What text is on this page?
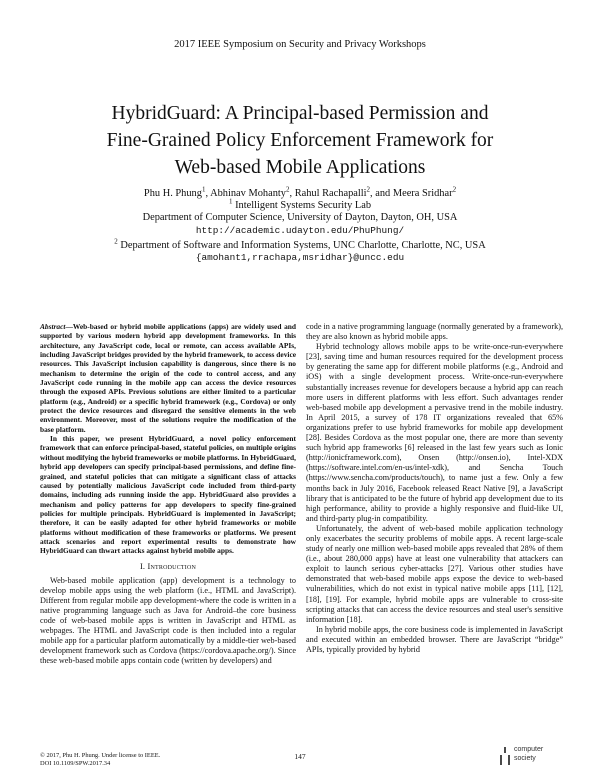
2017 IEEE Symposium on Security and Privacy Workshops
HybridGuard: A Principal-based Permission and
Fine-Grained Policy Enforcement Framework for
Web-based Mobile Applications
Phu H. Phung$^1$, Abhinav Mohanty$^2$, Rahul Rachapalli$^2$, and Meera Sridhar$^2$
$^1$ Intelligent Systems Security Lab
Department of Computer Science, University of Dayton, Dayton, OH, USA
http://academic.udayton.edu/PhuPhung/
$^2$ Department of Software and Information Systems, UNC Charlotte, Charlotte, NC, USA
{amohant1,rrachapa,msridhar}@uncc.edu

Abstract—Web-based or hybrid mobile applications (apps) are widely used and supported by various modern hybrid app development frameworks. In this architecture, any JavaScript code, local or remote, can access available APIs, including JavaScript bridges provided by the hybrid framework, to access device resources. This JavaScript inclusion capability is dangerous, since there is no mechanism to determine the origin of the code to control access, and any JavaScript code running in the mobile app can access the device resources through the exposed APIs. Previous solutions are either limited to a particular platform (e.g., Android) or a specific hybrid framework (e.g., Cordova) or only protect the device resources and disregard the sensitive elements in the web environment. Moreover, most of the solutions require the modification of the base platform.

In this paper, we present HybridGuard, a novel policy enforcement framework that can enforce principal-based, stateful policies, on multiple origins without modifying the hybrid frameworks or mobile platforms. In HybridGuard, hybrid app developers can specify principal-based permissions, and define fine-grained, and stateful policies that can mitigate a significant class of attacks caused by potentially malicious JavaScript code included from third-party domains, including ads running inside the app. HybridGuard also provides a mechanism and policy patterns for app developers to specify fine-grained policies for multiple principals. HybridGuard is implemented in JavaScript; therefore, it can be easily adapted for other hybrid frameworks or mobile platforms without modification of these frameworks or platforms. We present attack scenarios and report experimental results to demonstrate how HybridGuard can thwart attacks against hybrid mobile apps.

I. Introduction

Web-based mobile application (app) development is a technology to develop mobile apps using the web platform (i.e., HTML and JavaScript). Different from regular mobile app development-where the code is written in a native programming language such as Java for Android–the core business code of web-based mobile apps is written in JavaScript and HTML as webpages. The HTML and JavaScript code is then included into a regular mobile app for a particular platform automatically by a middle-tier web-based development framework such as Cordova (https://cordova.apache.org/). Since these web-based mobile apps contain code (written by developers) and

code in a native programming language (normally generated by a framework), they are also known as hybrid mobile apps.

Hybrid technology allows mobile apps to be write-once-run-everywhere [23], saving time and human resources required for the development process by generating the same app for different mobile platforms (e.g., Android and iOS) with a single development process. Write-once-run-everywhere substantially increases revenue for developers because a hybrid app can reach more users in different platforms with less effort. Such advantages render web-based mobile app development a pervasive trend in the mobile industry. In April 2015, a survey of 178 IT organizations revealed that 65% organizations prefer to use hybrid frameworks for mobile app development [28]. Besides Cordova as the most popular one, there are more than seventy such hybrid app frameworks [6] released in the last few years such as Ionic (http://ionicframework.com), Onsen (http://onsen.io), Intel-XDX (https://software.intel.com/en-us/intel-xdk), and Sencha Touch (https://www.sencha.com/products/touch), to name just a few. Only a few months back in July 2016, Facebook released React Native [9], a JavaScript library that is anticipated to be the future of hybrid app development due to its high performance, ability to provide a highly responsive and fluid-like UI, and third-party plug-in compatibility.

Unfortunately, the advent of web-based mobile application technology only exacerbates the security problems of mobile apps. A recent large-scale study of nearly one million web-based mobile apps revealed that 28% of them (i.e., about 280,000 apps) have at least one vulnerability that attackers can exploit to launch serious cyber-attacks [27]. Various other studies have demonstrated that web-based mobile apps expose the device to web-based vulnerabilities, which do not exist in typical native mobile apps [11], [12], [18], [19]. For example, hybrid mobile apps are vulnerable to cross-site scripting attacks that can access the device resources and steal user's sensitive information [18].

In hybrid mobile apps, the core business code is implemented in JavaScript and executed within an embedded browser. There are JavaScript “bridge” APIs, typically provided by hybrid

© 2017, Phu H. Phung. Under license to IEEE.
DOI 10.1109/SPW.2017.34
147
computer
society
